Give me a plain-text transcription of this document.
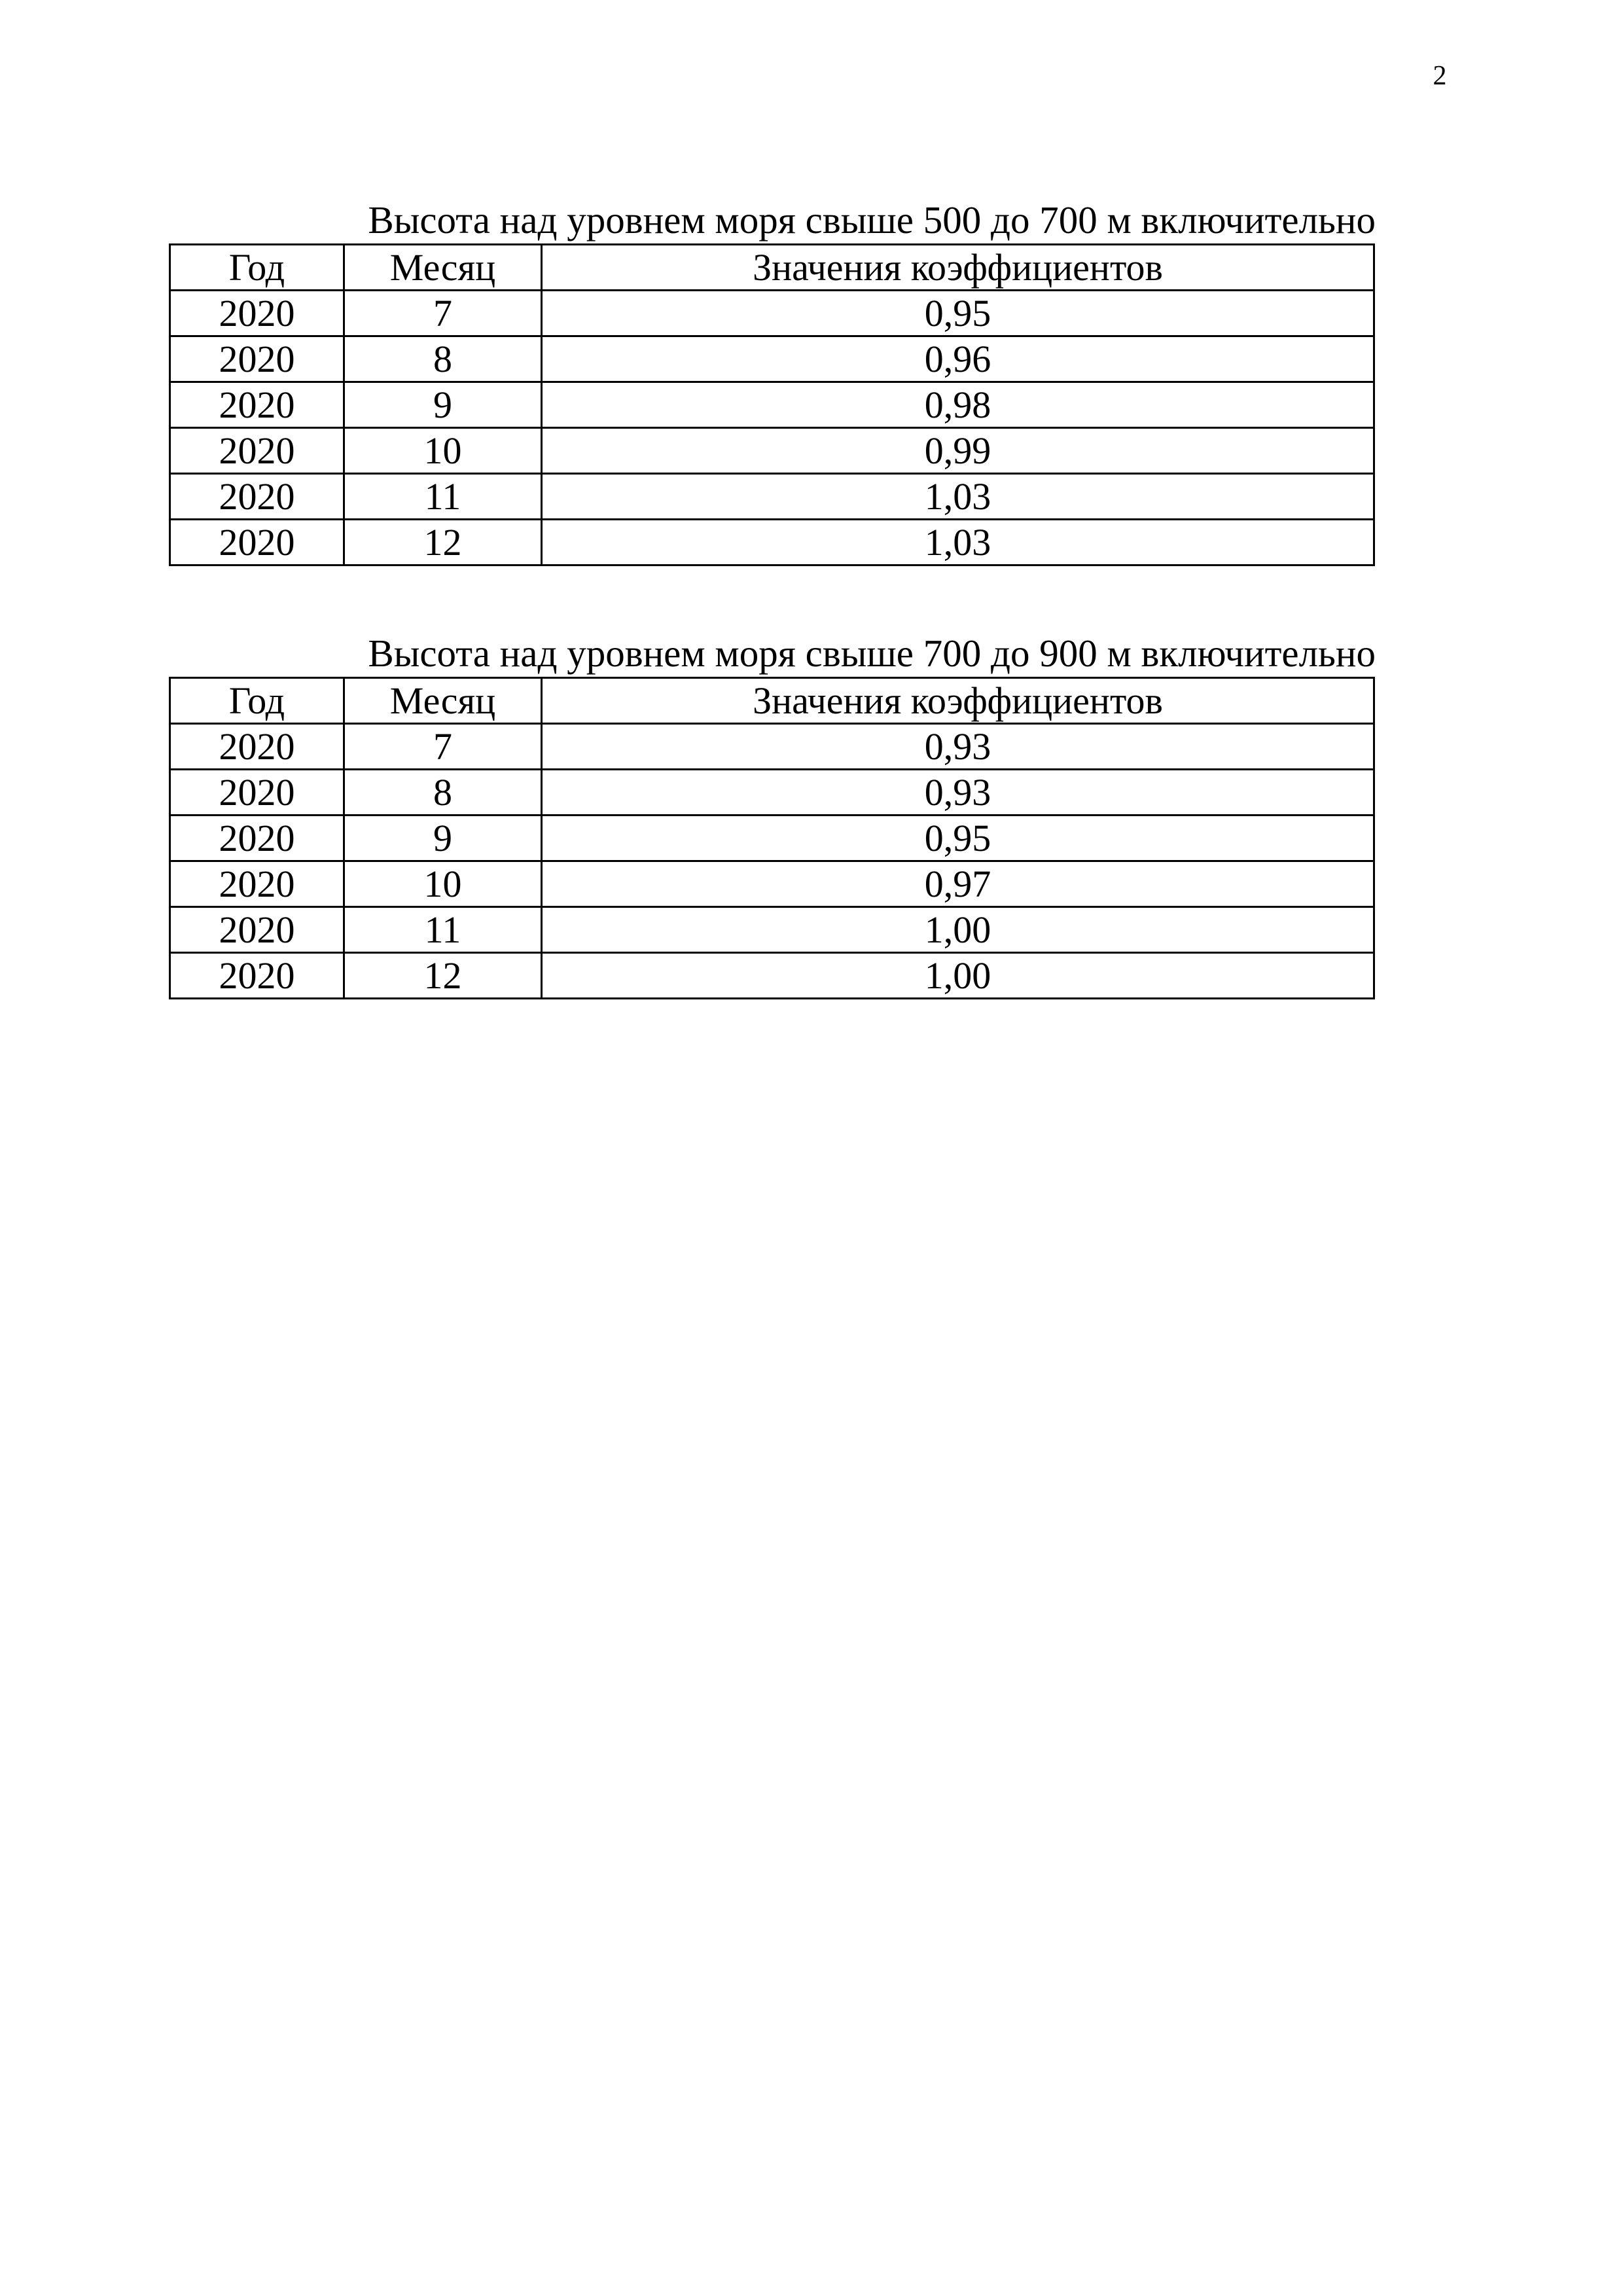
2
Высота над уровнем моря свыше 500 до 700 м включительно
Год	Месяц	Значения коэффициентов
2020	7	0,95
2020	8	0,96
2020	9	0,98
2020	10	0,99
2020	11	1,03
2020	12	1,03
Высота над уровнем моря свыше 700 до 900 м включительно
Год	Месяц	Значения коэффициентов
2020	7	0,93
2020	8	0,93
2020	9	0,95
2020	10	0,97
2020	11	1,00
2020	12	1,00
